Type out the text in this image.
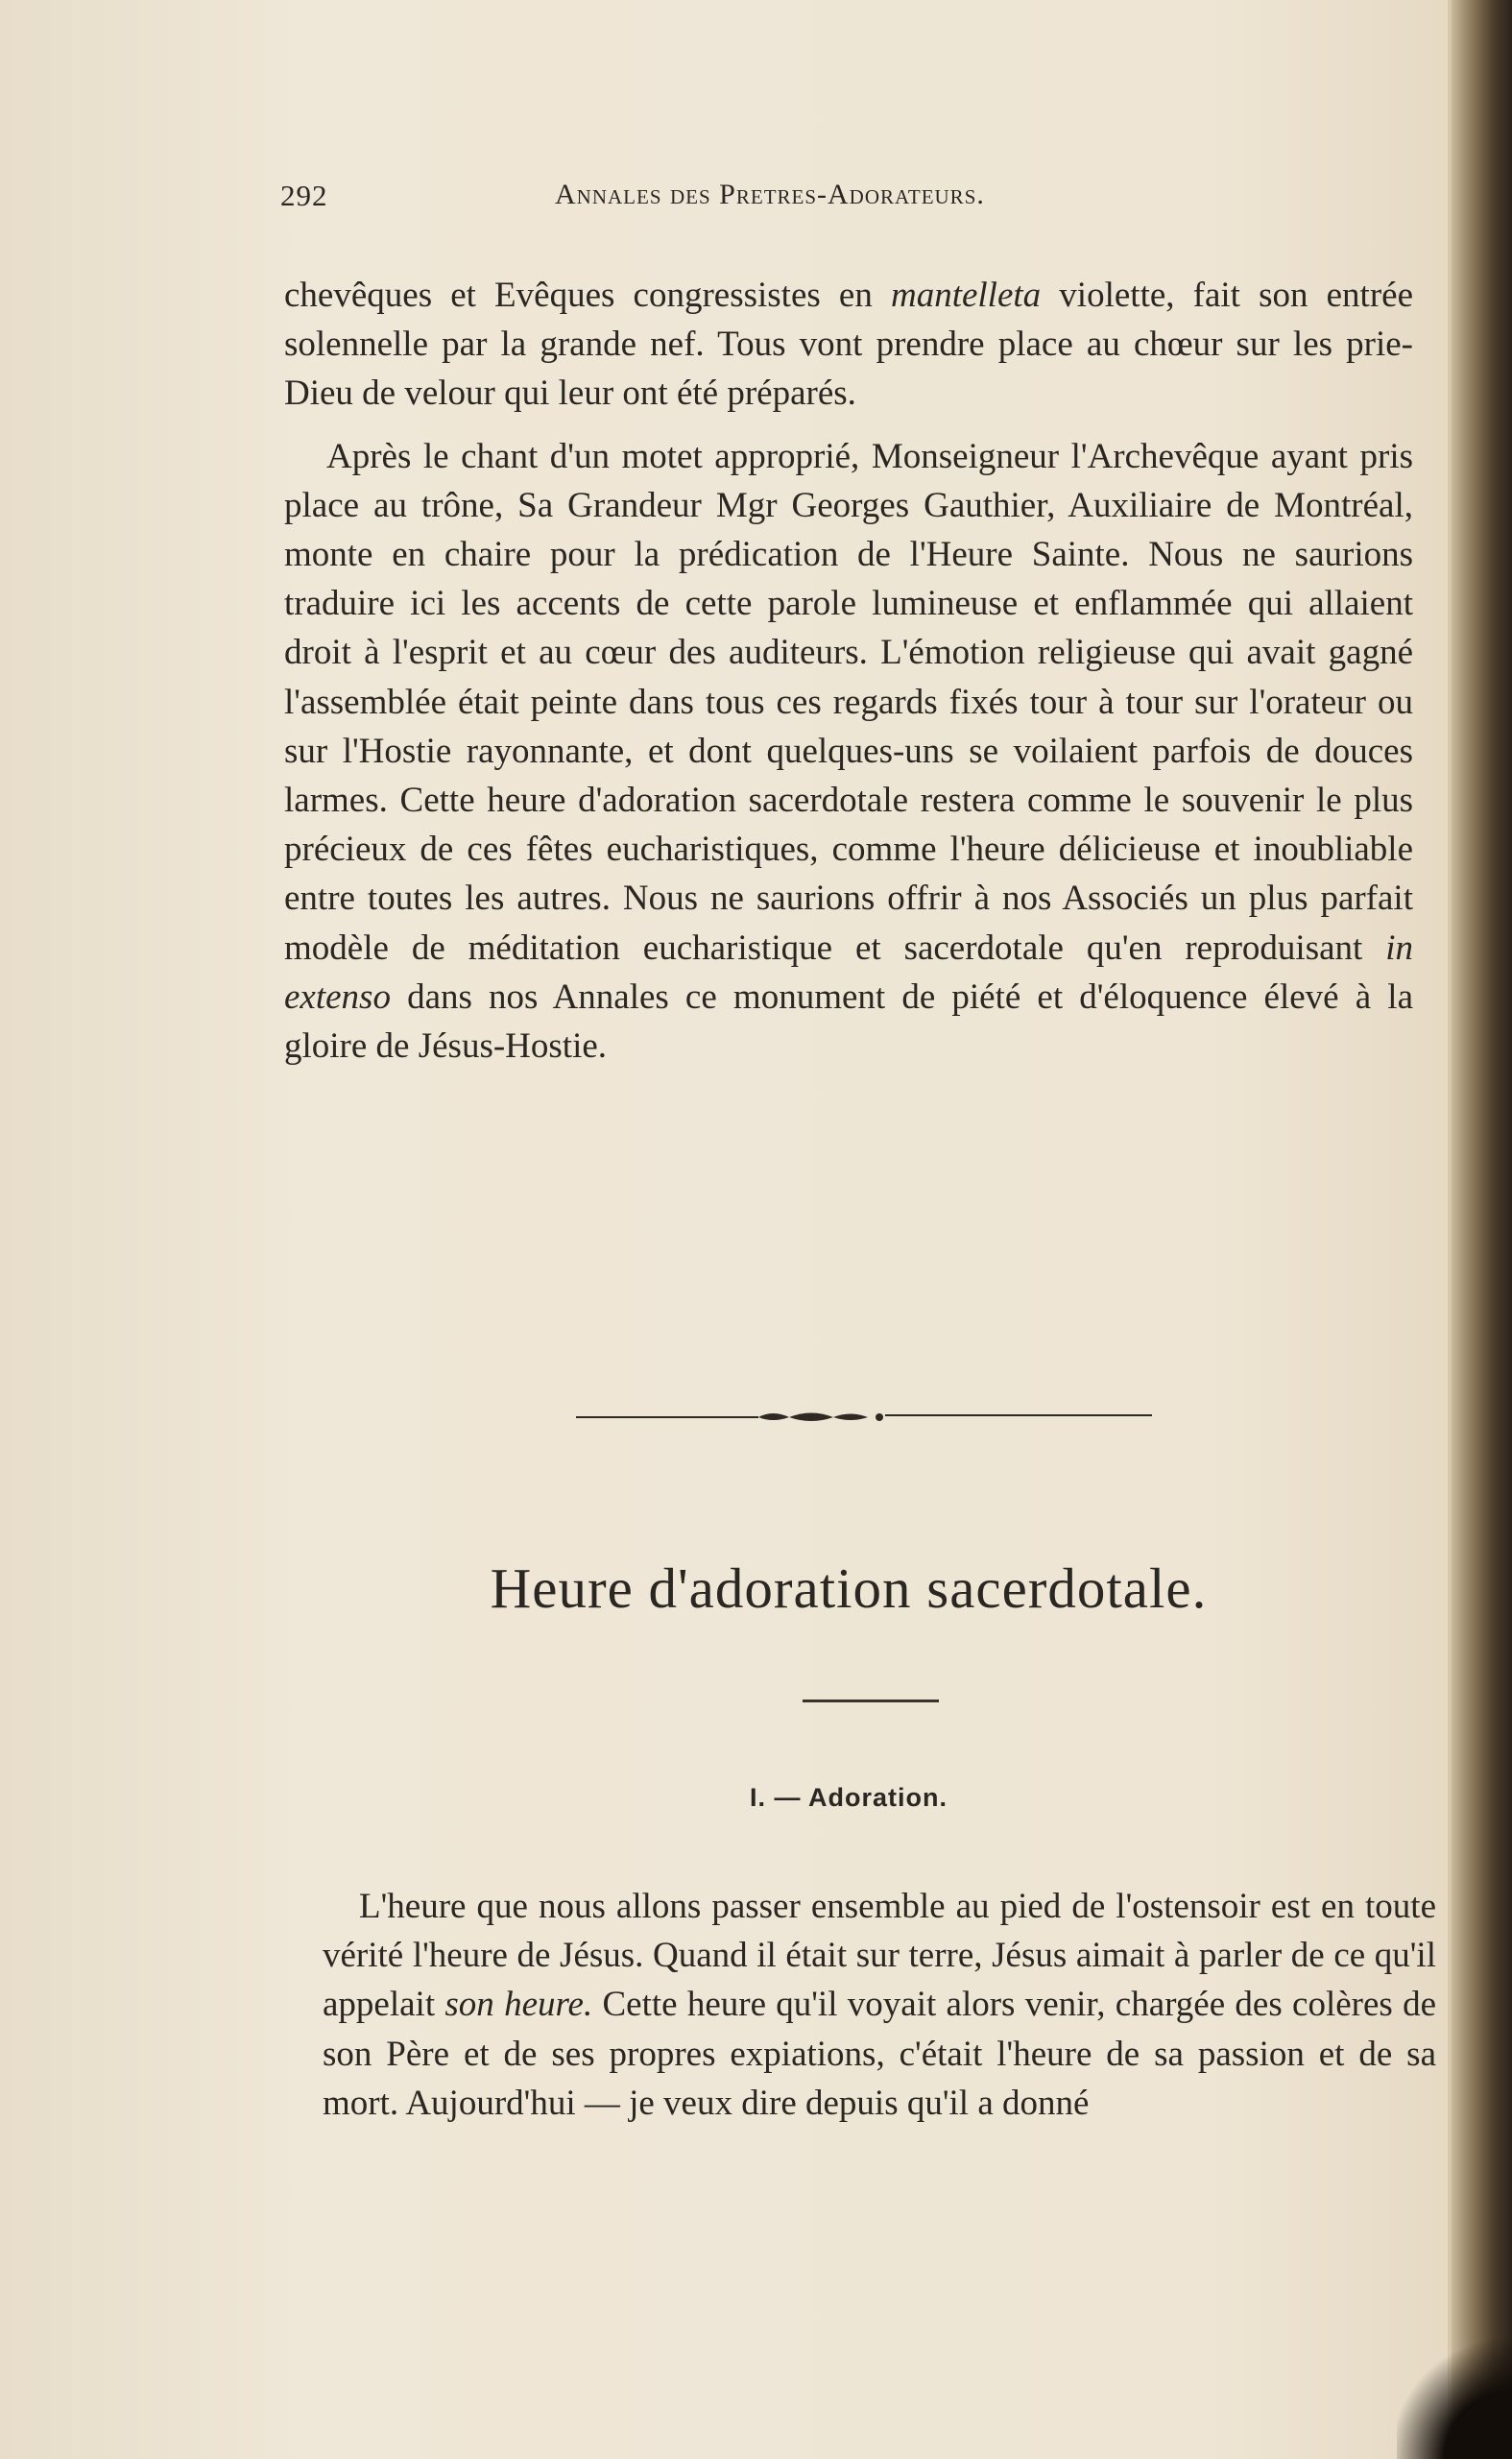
292	Annales des Pretres-Adorateurs.

chevêques et Evêques congressistes en mantelleta violette, fait son entrée solennelle par la grande nef. Tous vont prendre place au chœur sur les prie-Dieu de velour qui leur ont été préparés.

Après le chant d'un motet approprié, Monseigneur l'Archevêque ayant pris place au trône, Sa Grandeur Mgr Georges Gauthier, Auxiliaire de Montréal, monte en chaire pour la prédication de l'Heure Sainte. Nous ne saurions traduire ici les accents de cette parole lumineuse et enflammée qui allaient droit à l'esprit et au cœur des auditeurs. L'émotion religieuse qui avait gagné l'assemblée était peinte dans tous ces regards fixés tour à tour sur l'orateur ou sur l'Hostie rayonnante, et dont quelques-uns se voilaient parfois de douces larmes. Cette heure d'adoration sacerdotale restera comme le souvenir le plus précieux de ces fêtes eucharistiques, comme l'heure délicieuse et inoubliable entre toutes les autres. Nous ne saurions offrir à nos Associés un plus parfait modèle de méditation eucharistique et sacerdotale qu'en reproduisant in extenso dans nos Annales ce monument de piété et d'éloquence élevé à la gloire de Jésus-Hostie.

Heure d'adoration sacerdotale.
I. — Adoration.

L'heure que nous allons passer ensemble au pied de l'ostensoir est en toute vérité l'heure de Jésus. Quand il était sur terre, Jésus aimait à parler de ce qu'il appelait son heure. Cette heure qu'il voyait alors venir, chargée des colères de son Père et de ses propres expiations, c'était l'heure de sa passion et de sa mort. Aujourd'hui — je veux dire depuis qu'il a donné
